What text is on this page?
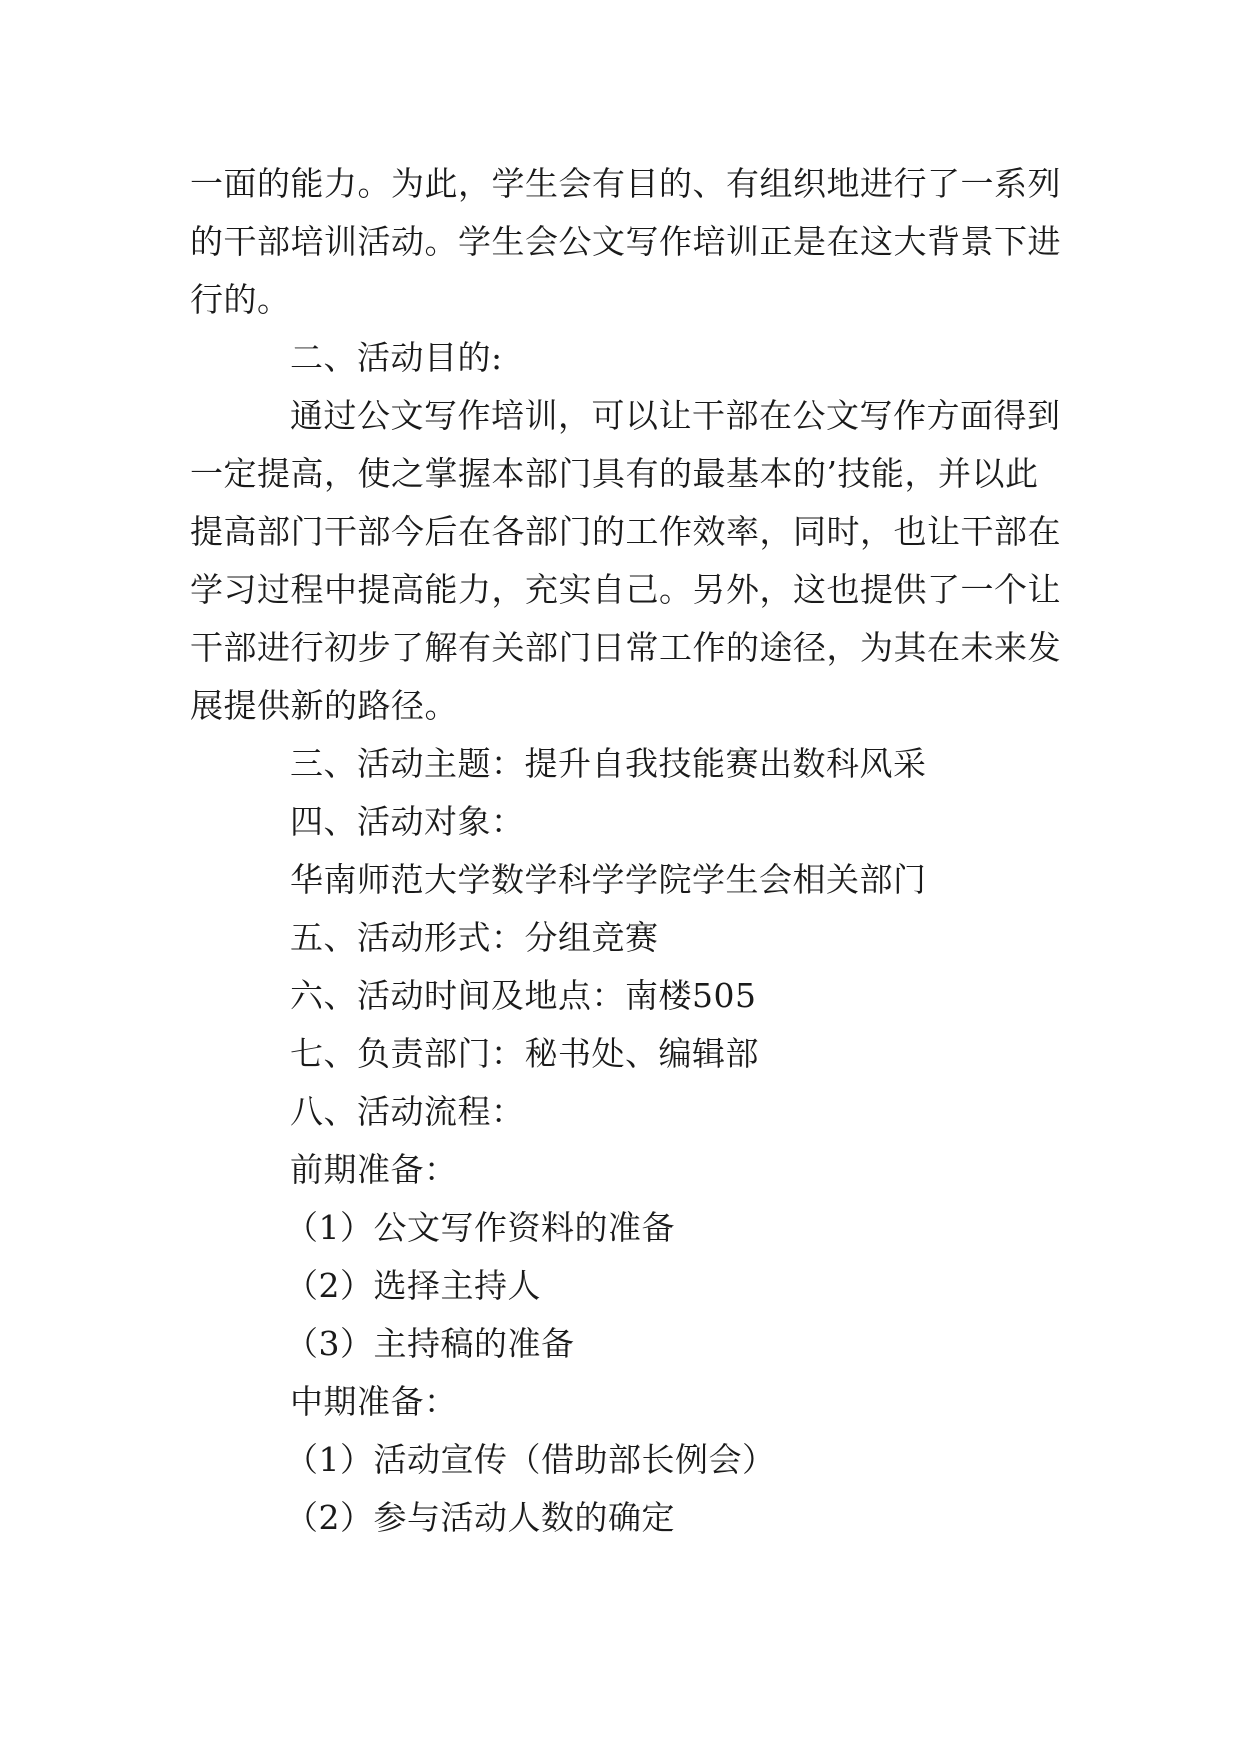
一面的能力。为此，学生会有目的、有组织地进行了一系列
的干部培训活动。学生会公文写作培训正是在这大背景下进
行的。
二、活动目的:
通过公文写作培训，可以让干部在公文写作方面得到
一定提高，使之掌握本部门具有的最基本的’技能，并以此
提高部门干部今后在各部门的工作效率，同时，也让干部在
学习过程中提高能力，充实自己。另外，这也提供了一个让
干部进行初步了解有关部门日常工作的途径，为其在未来发
展提供新的路径。
三、活动主题：提升自我技能赛出数科风采
四、活动对象：
华南师范大学数学科学学院学生会相关部门
五、活动形式：分组竞赛
六、活动时间及地点：南楼505
七、负责部门：秘书处、编辑部
八、活动流程：
前期准备：
（1）公文写作资料的准备
（2）选择主持人
（3）主持稿的准备
中期准备：
（1）活动宣传（借助部长例会）
（2）参与活动人数的确定
